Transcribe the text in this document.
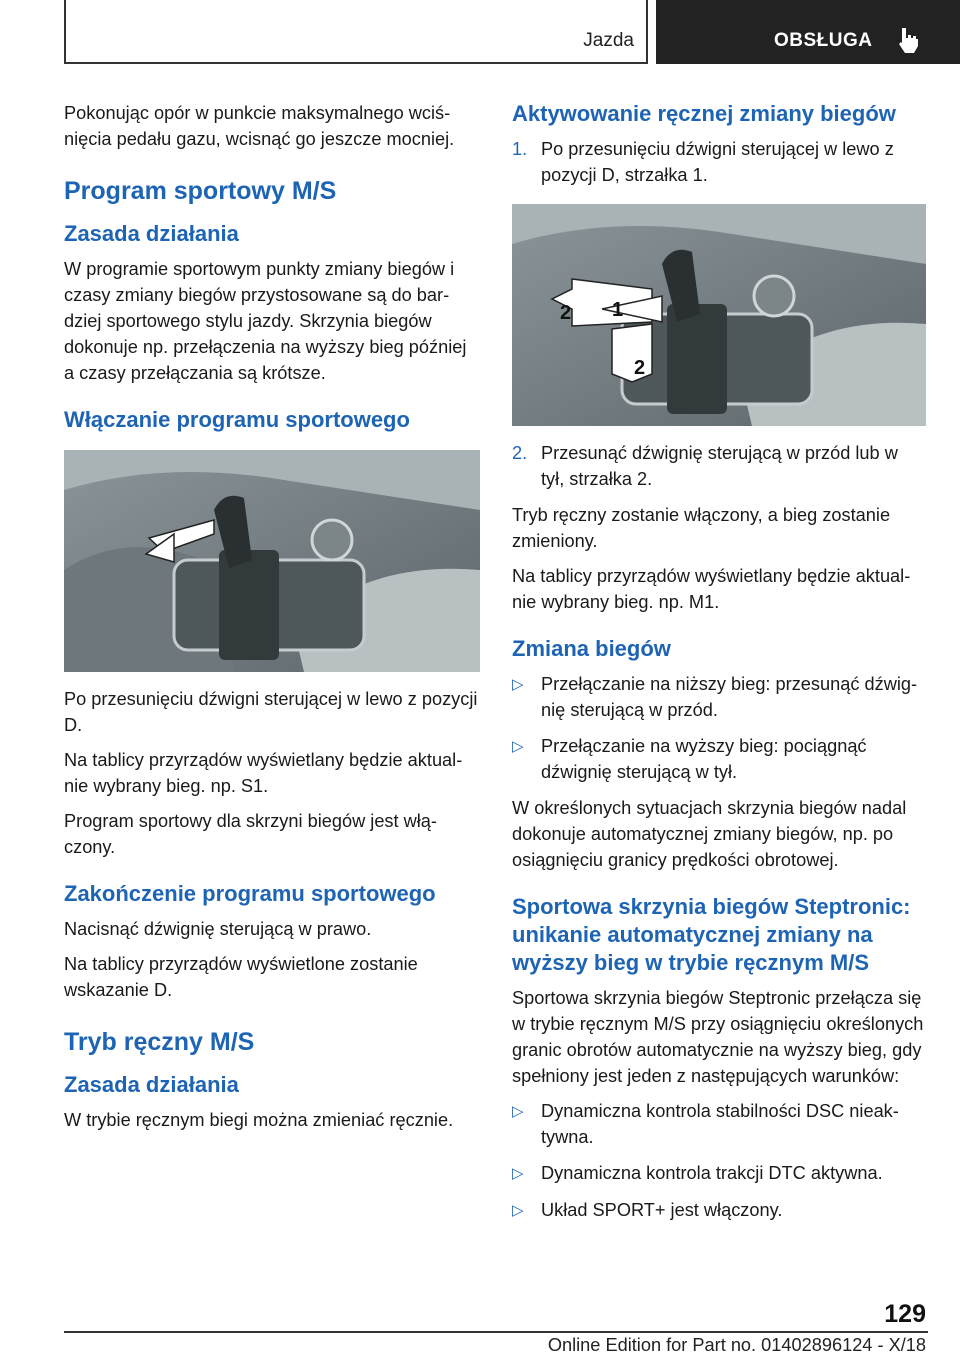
Jazda	OBSŁUGA

Pokonując opór w punkcie maksymalnego wciśnięcia pedału gazu, wcisnąć go jeszcze mocniej.

Program sportowy M/S
Zasada działania

W programie sportowym punkty zmiany biegów i czasy zmiany biegów przystosowane są do bardziej sportowego stylu jazdy. Skrzynia biegów dokonuje np. przełączenia na wyższy bieg później a czasy przełączania są krótsze.

Włączanie programu sportowego

Po przesunięciu dźwigni sterującej w lewo z pozycji D.

Na tablicy przyrządów wyświetlany będzie aktualnie wybrany bieg. np. S1.

Program sportowy dla skrzyni biegów jest włączony.

Zakończenie programu sportowego

Nacisnąć dźwignię sterującą w prawo.

Na tablicy przyrządów wyświetlone zostanie wskazanie D.

Tryb ręczny M/S
Zasada działania

W trybie ręcznym biegi można zmieniać ręcznie.

Aktywowanie ręcznej zmiany biegów
1. Po przesunięciu dźwigni sterującej w lewo z pozycji D, strzałka 1.
2 1
2
2. Przesunąć dźwignię sterującą w przód lub w tył, strzałka 2.

Tryb ręczny zostanie włączony, a bieg zostanie zmieniony.

Na tablicy przyrządów wyświetlany będzie aktualnie wybrany bieg. np. M1.

Zmiana biegów
▷ Przełączanie na niższy bieg: przesunąć dźwignię sterującą w przód.
▷ Przełączanie na wyższy bieg: pociągnąć dźwignię sterującą w tył.

W określonych sytuacjach skrzynia biegów nadal dokonuje automatycznej zmiany biegów, np. po osiągnięciu granicy prędkości obrotowej.

Sportowa skrzynia biegów Steptronic: unikanie automatycznej zmiany na wyższy bieg w trybie ręcznym M/S

Sportowa skrzynia biegów Steptronic przełącza się w trybie ręcznym M/S przy osiągnięciu określonych granic obrotów automatycznie na wyższy bieg, gdy spełniony jest jeden z następujących warunków:

▷ Dynamiczna kontrola stabilności DSC nieaktywna.
▷ Dynamiczna kontrola trakcji DTC aktywna.
▷ Układ SPORT+ jest włączony.
129
Online Edition for Part no. 01402896124 - X/18
